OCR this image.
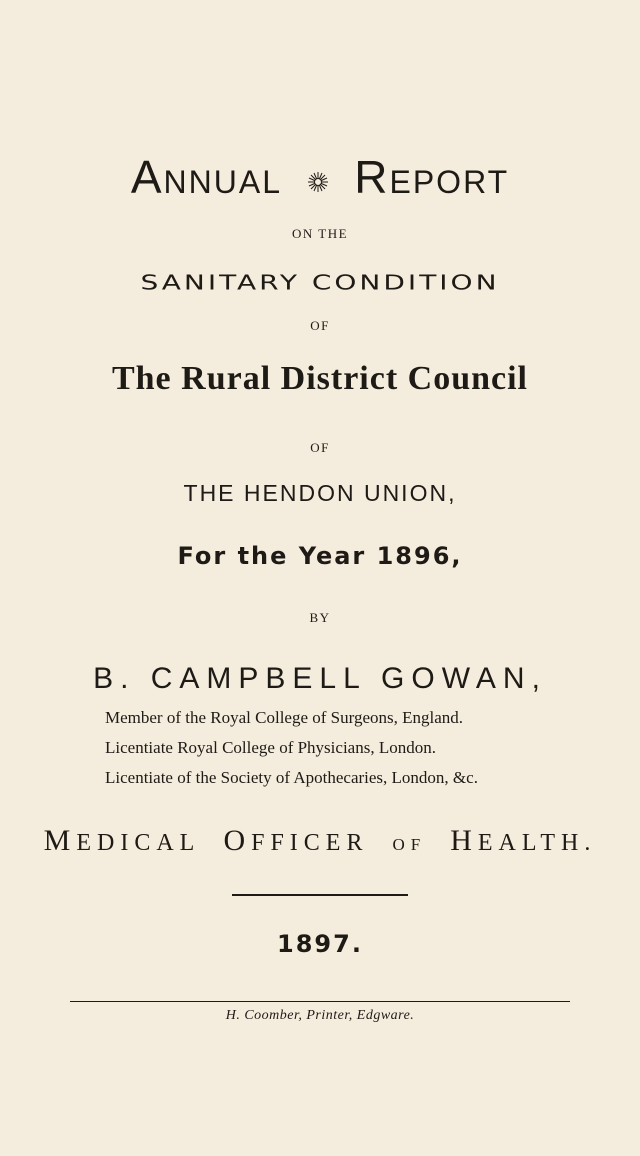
ANNUAL REPORT
ON THE
SANITARY CONDITION
OF
The Rural District Council
OF
THE HENDON UNION,
For the Year 1896,
BY
B. CAMPBELL GOWAN,
Member of the Royal College of Surgeons, England.
Licentiate Royal College of Physicians, London.
Licentiate of the Society of Apothecaries, London, &c.
MEDICAL OFFICER OF HEALTH.
1897.
H. Coomber, Printer, Edgware.
